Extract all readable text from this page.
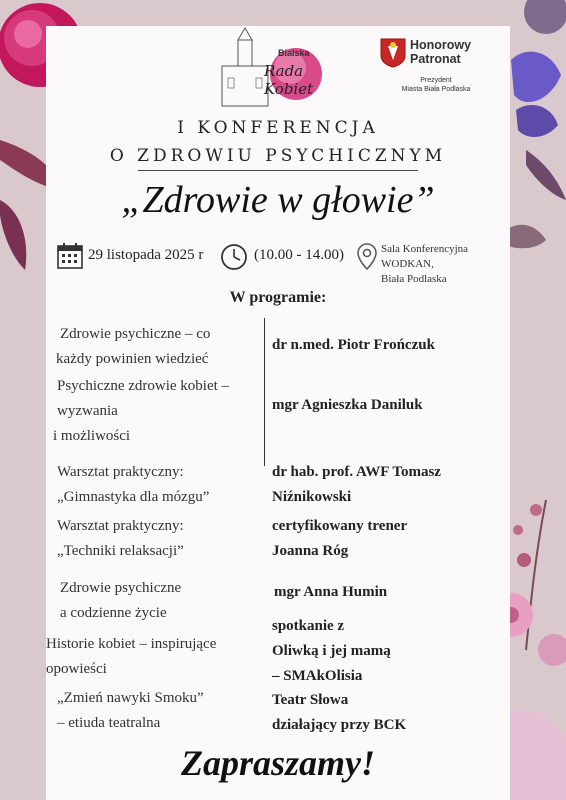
Bialska
Rada Kobiet
Honorowy
Patronat
Prezydent
Miasta Biała Podlaska
I KONFERENCJA
O ZDROWIU PSYCHICZNYM
„Zdrowie w głowie”
29 listopada 2025 r	(10.00 - 14.00)	Sala Konferencyjna
WODKAN,
Biała Podlaska
W programie:
Zdrowie psychiczne – co
każdy powinien wiedzieć
dr n.med. Piotr Frończuk
Psychiczne zdrowie kobiet –
wyzwania
i możliwości
mgr Agnieszka Daniluk
Warsztat praktyczny:
„Gimnastyka dla mózgu”
dr hab. prof. AWF Tomasz
Niźnikowski
Warsztat praktyczny:
„Techniki relaksacji”
certyfikowany trener
Joanna Róg
Zdrowie psychiczne
a codzienne życie
mgr Anna Humin
Historie kobiet – inspirujące
opowieści
spotkanie z
Oliwką i jej mamą
– SMAkOlisia
„Zmień nawyki Smoku”
– etiuda teatralna
Teatr Słowa
działający przy BCK
Zapraszamy!
